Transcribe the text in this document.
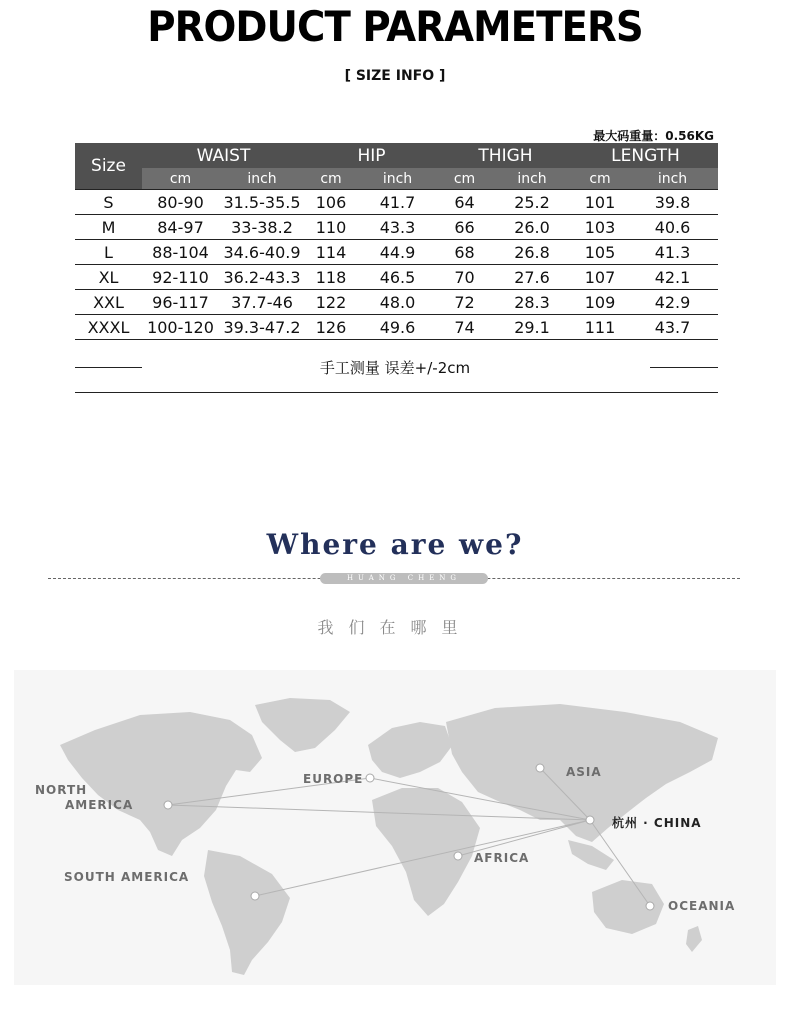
PRODUCT PARAMETERS
[ SIZE INFO ]
最大码重量：0.56KG
Size	WAIST		HIP		THIGH		LENGTH	
	cm	inch	cm	inch	cm	inch	cm	inch
S	80-90	31.5-35.5	106	41.7	64	25.2	101	39.8
M	84-97	33-38.2	110	43.3	66	26.0	103	40.6
L	88-104	34.6-40.9	114	44.9	68	26.8	105	41.3
XL	92-110	36.2-43.3	118	46.5	70	27.6	107	42.1
XXL	96-117	37.7-46	122	48.0	72	28.3	109	42.9
XXXL	100-120	39.3-47.2	126	49.6	74	29.1	111	43.7
手工测量 误差+/-2cm
Where are we?
HUANG CHENG
我们在哪里
NORTH
AMERICA
SOUTH AMERICA
EUROPE	ASIA
AFRICA
OCEANIA
杭州 · CHINA
